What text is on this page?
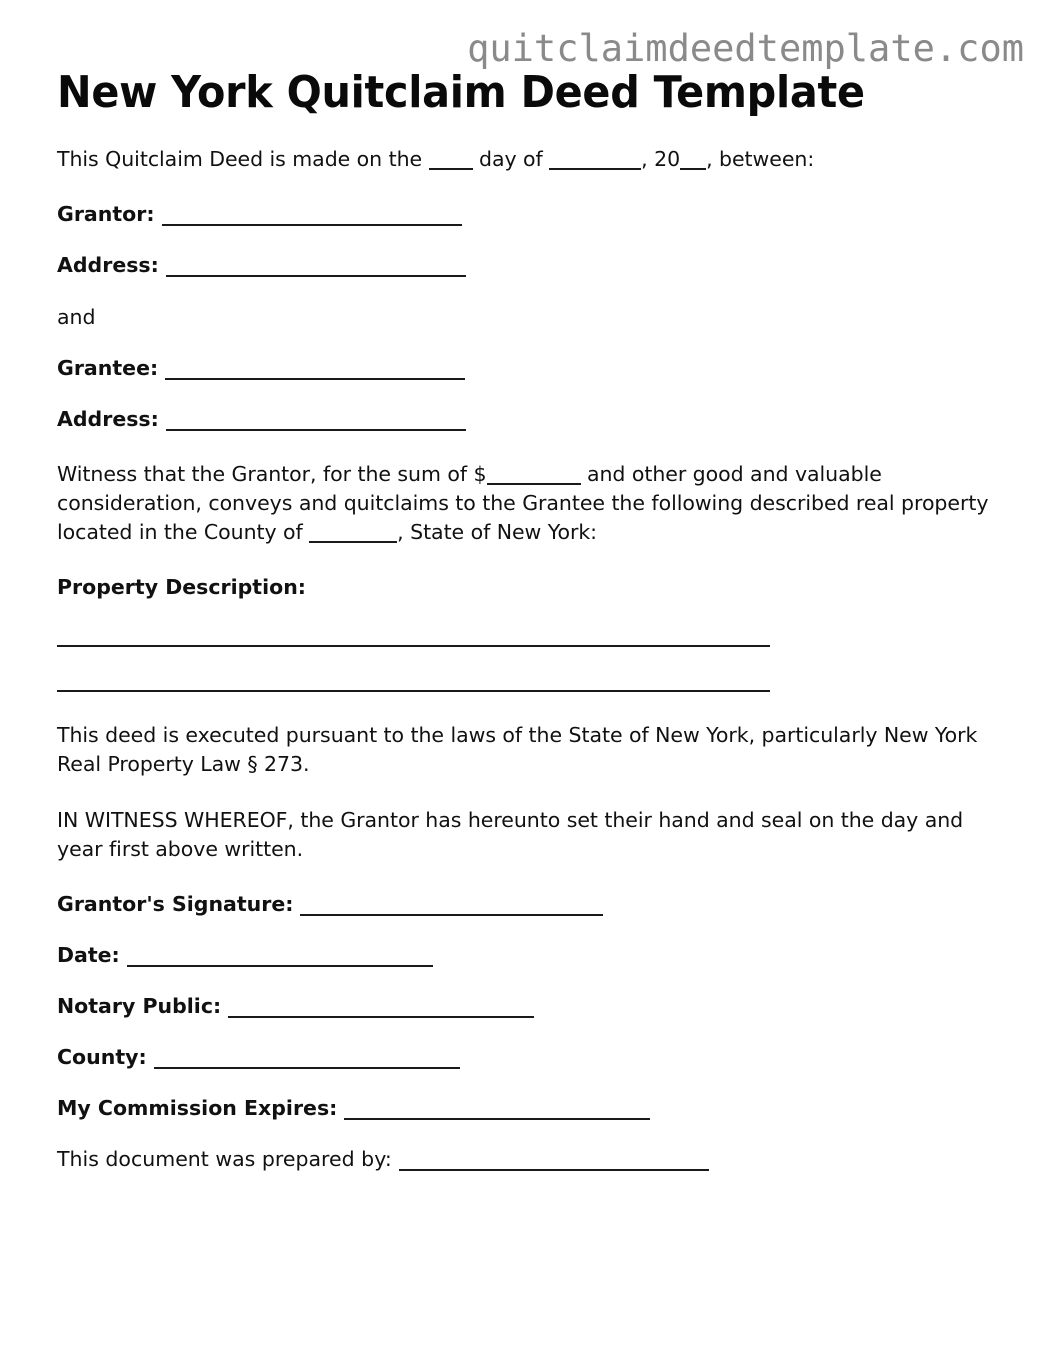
quitclaimdeedtemplate.com
New York Quitclaim Deed Template

This Quitclaim Deed is made on the  day of	, 20 , between:

Grantor:

Address:

and

Grantee:

Address:

Witness that the Grantor, for the sum of $	and other good and valuable consideration, conveys and quitclaims to the Grantee the following described real property located in the County of	, State of New York:

Property Description:

This deed is executed pursuant to the laws of the State of New York, particularly New York Real Property Law § 273.

IN WITNESS WHEREOF, the Grantor has hereunto set their hand and seal on the day and year first above written.

Grantor's Signature:

Date:

Notary Public:

County:

My Commission Expires:

This document was prepared by:
